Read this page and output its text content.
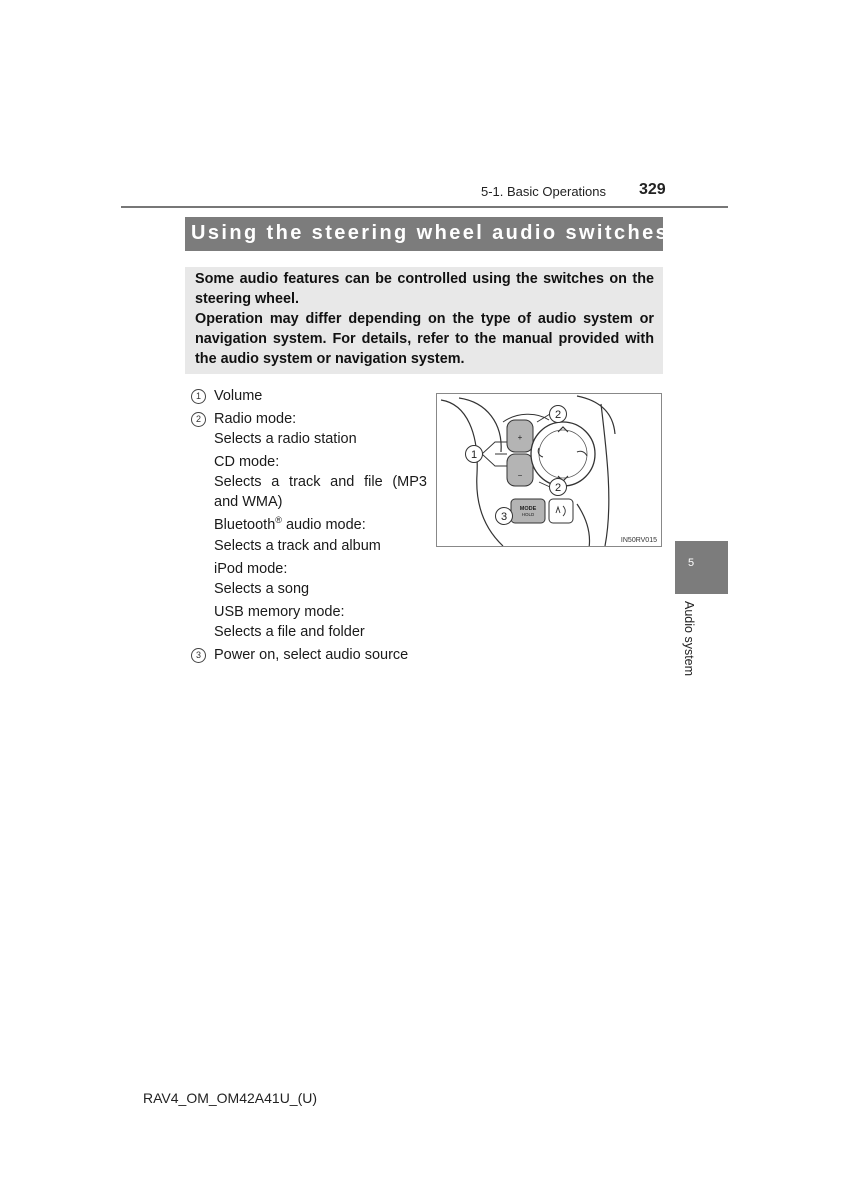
5-1. Basic Operations 329
Using the steering wheel audio switches

Some audio features can be controlled using the switches on the steering wheel.

Operation may differ depending on the type of audio system or navigation system. For details, refer to the manual provided with the audio system or navigation system.

1 Volume
2 Radio mode:
Selects a radio station
CD mode:
Selects a track and file (MP3
and WMA)
Bluetooth® audio mode:
Selects a track and album
iPod mode:
Selects a song
USB memory mode:
Selects a file and folder
3 Power on, select audio source
1
2
2
3
+
−
MODE
HOLD
IN50RV015
5
Audio system
RAV4_OM_OM42A41U_(U)
